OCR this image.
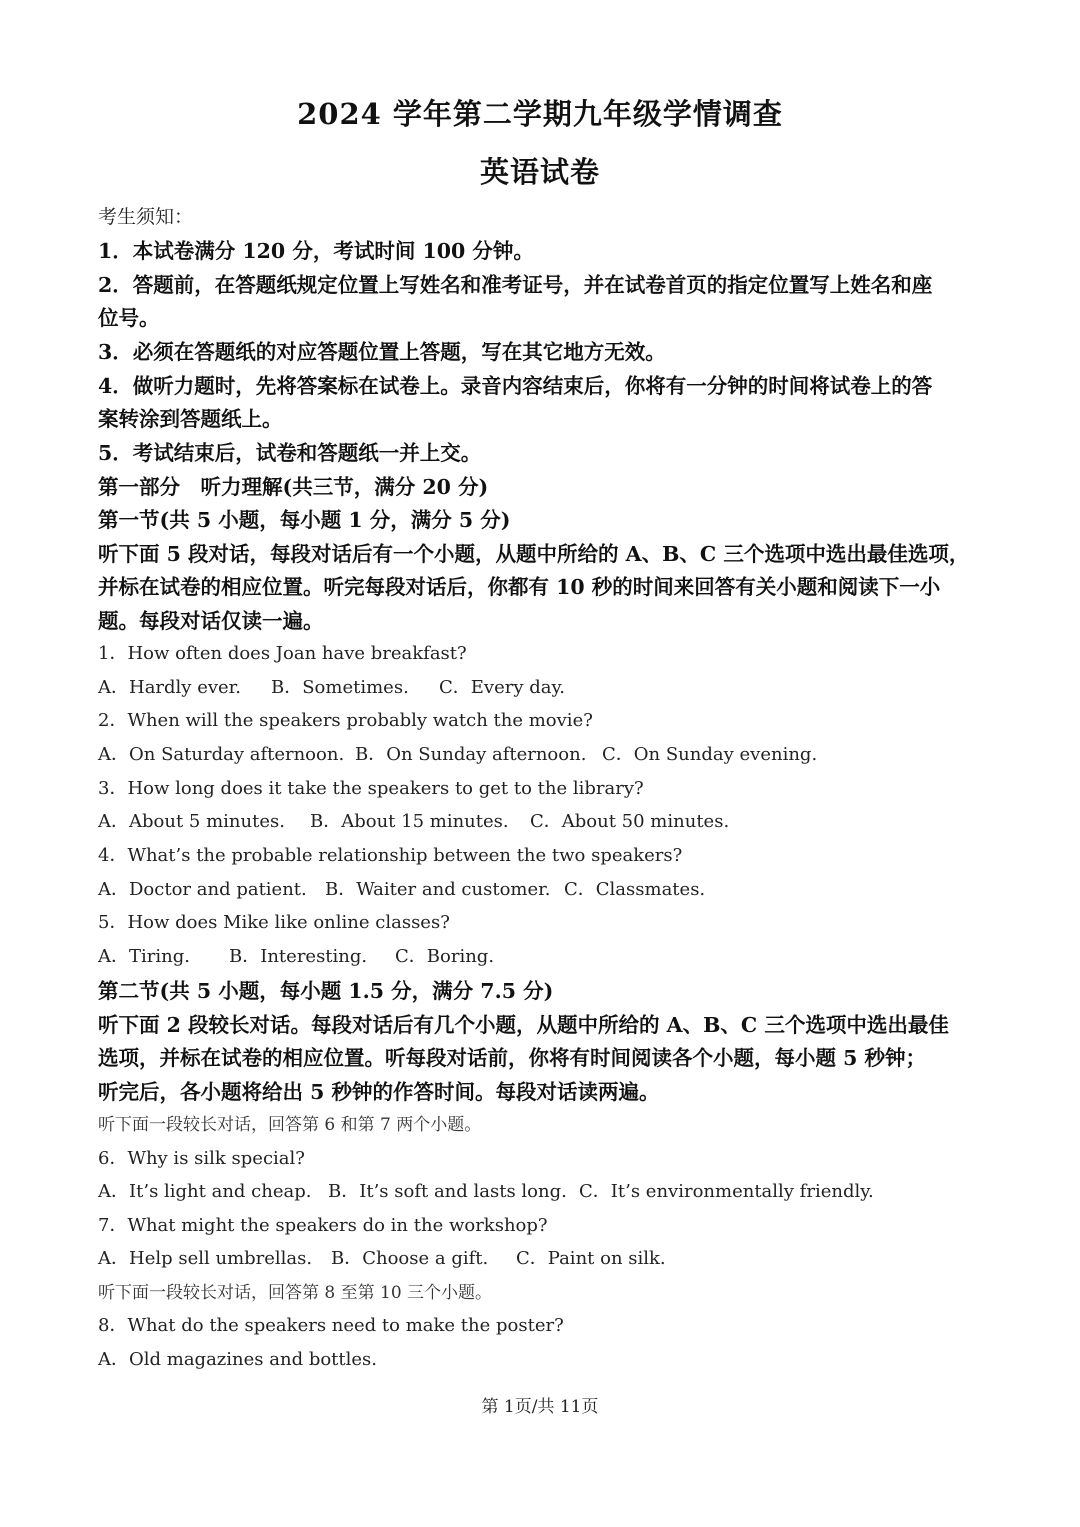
2024 学年第二学期九年级学情调查
英语试卷
考生须知：
1．本试卷满分 120 分，考试时间 100 分钟。
2．答题前，在答题纸规定位置上写姓名和准考证号，并在试卷首页的指定位置写上姓名和座
位号。
3．必须在答题纸的对应答题位置上答题，写在其它地方无效。
4．做听力题时，先将答案标在试卷上。录音内容结束后，你将有一分钟的时间将试卷上的答
案转涂到答题纸上。
5．考试结束后，试卷和答题纸一并上交。
第一部分　听力理解(共三节，满分 20 分)
第一节(共 5 小题，每小题 1 分，满分 5 分)
听下面 5 段对话，每段对话后有一个小题，从题中所给的 A、B、C 三个选项中选出最佳选项，
并标在试卷的相应位置。听完每段对话后，你都有 10 秒的时间来回答有关小题和阅读下一小
题。每段对话仅读一遍。
1．How often does Joan have breakfast?
A．Hardly ever. B．Sometimes. C．Every day.
2．When will the speakers probably watch the movie?
A．On Saturday afternoon. B．On Sunday afternoon. C．On Sunday evening.
3．How long does it take the speakers to get to the library?
A．About 5 minutes. B．About 15 minutes. C．About 50 minutes.
4．What’s the probable relationship between the two speakers?
A．Doctor and patient. B．Waiter and customer. C．Classmates.
5．How does Mike like online classes?
A．Tiring. B．Interesting. C．Boring.
第二节(共 5 小题，每小题 1.5 分，满分 7.5 分)
听下面 2 段较长对话。每段对话后有几个小题，从题中所给的 A、B、C 三个选项中选出最佳
选项，并标在试卷的相应位置。听每段对话前，你将有时间阅读各个小题，每小题 5 秒钟；
听完后，各小题将给出 5 秒钟的作答时间。每段对话读两遍。
听下面一段较长对话，回答第 6 和第 7 两个小题。
6．Why is silk special?
A．It’s light and cheap. B．It’s soft and lasts long. C．It’s environmentally friendly.
7．What might the speakers do in the workshop?
A．Help sell umbrellas. B．Choose a gift. C．Paint on silk.
听下面一段较长对话，回答第 8 至第 10 三个小题。
8．What do the speakers need to make the poster?
A．Old magazines and bottles.
第 1页/共 11页
